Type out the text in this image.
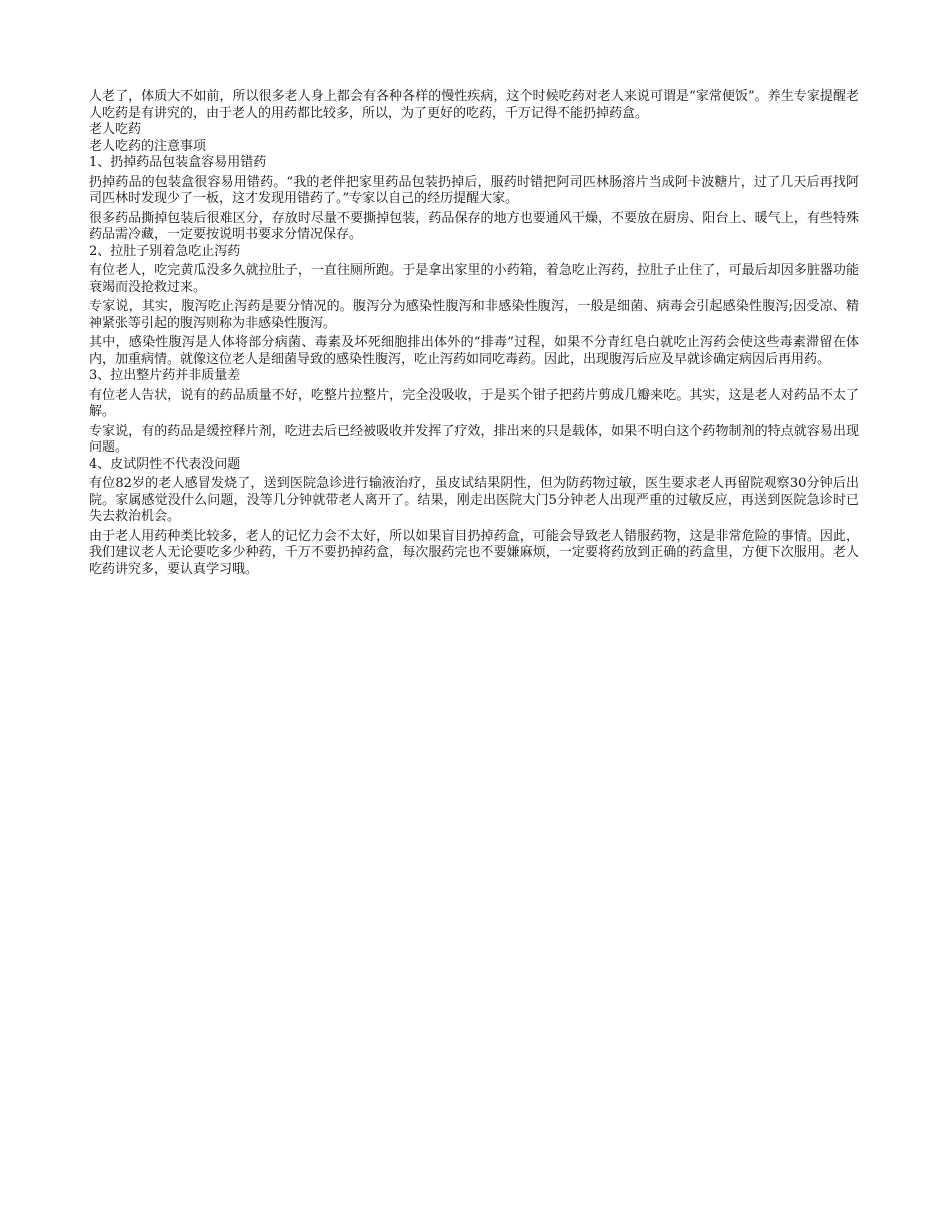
人老了，体质大不如前，所以很多老人身上都会有各种各样的慢性疾病，这个时候吃药对老人来说可谓是“家常便饭”。养生专家提醒老人吃药是有讲究的，由于老人的用药都比较多，所以，为了更好的吃药，千万记得不能扔掉药盒。

老人吃药

老人吃药的注意事项

1、扔掉药品包装盒容易用错药

扔掉药品的包装盒很容易用错药。“我的老伴把家里药品包装扔掉后，服药时错把阿司匹林肠溶片当成阿卡波糖片，过了几天后再找阿司匹林时发现少了一板，这才发现用错药了。”专家以自己的经历提醒大家。

很多药品撕掉包装后很难区分，存放时尽量不要撕掉包装，药品保存的地方也要通风干燥，不要放在厨房、阳台上、暖气上，有些特殊药品需冷藏，一定要按说明书要求分情况保存。

2、拉肚子别着急吃止泻药

有位老人，吃完黄瓜没多久就拉肚子，一直往厕所跑。于是拿出家里的小药箱，着急吃止泻药，拉肚子止住了，可最后却因多脏器功能衰竭而没抢救过来。

专家说，其实，腹泻吃止泻药是要分情况的。腹泻分为感染性腹泻和非感染性腹泻，一般是细菌、病毒会引起感染性腹泻;因受凉、精神紧张等引起的腹泻则称为非感染性腹泻。

其中，感染性腹泻是人体将部分病菌、毒素及坏死细胞排出体外的“排毒”过程，如果不分青红皂白就吃止泻药会使这些毒素滞留在体内，加重病情。就像这位老人是细菌导致的感染性腹泻，吃止泻药如同吃毒药。因此，出现腹泻后应及早就诊确定病因后再用药。

3、拉出整片药并非质量差

有位老人告状，说有的药品质量不好，吃整片拉整片，完全没吸收，于是买个钳子把药片剪成几瓣来吃。其实，这是老人对药品不太了解。

专家说，有的药品是缓控释片剂，吃进去后已经被吸收并发挥了疗效，排出来的只是载体，如果不明白这个药物制剂的特点就容易出现问题。

4、皮试阴性不代表没问题

有位82岁的老人感冒发烧了，送到医院急诊进行输液治疗，虽皮试结果阴性，但为防药物过敏，医生要求老人再留院观察30分钟后出院。家属感觉没什么问题，没等几分钟就带老人离开了。结果，刚走出医院大门5分钟老人出现严重的过敏反应，再送到医院急诊时已失去救治机会。

由于老人用药种类比较多，老人的记忆力会不太好，所以如果盲目扔掉药盒，可能会导致老人错服药物，这是非常危险的事情。因此，我们建议老人无论要吃多少种药，千万不要扔掉药盒，每次服药完也不要嫌麻烦，一定要将药放到正确的药盒里，方便下次服用。老人吃药讲究多，要认真学习哦。
